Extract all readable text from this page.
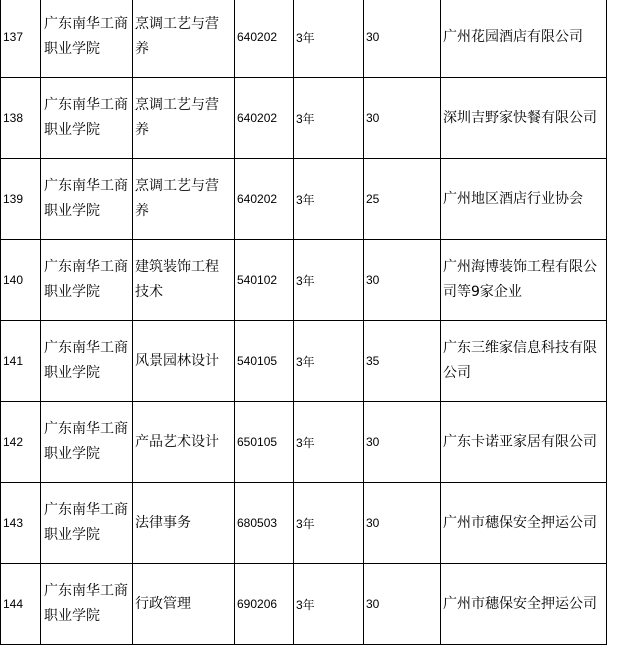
137	广东南华工商职业学院	烹调工艺与营养	640202	3年	30	广州花园酒店有限公司
138	广东南华工商职业学院	烹调工艺与营养	640202	3年	30	深圳吉野家快餐有限公司
139	广东南华工商职业学院	烹调工艺与营养	640202	3年	25	广州地区酒店行业协会
140	广东南华工商职业学院	建筑装饰工程技术	540102	3年	30	广州海博装饰工程有限公司等9家企业
141	广东南华工商职业学院	风景园林设计	540105	3年	35	广东三维家信息科技有限公司
142	广东南华工商职业学院	产品艺术设计	650105	3年	30	广东卡诺亚家居有限公司
143	广东南华工商职业学院	法律事务	680503	3年	30	广州市穗保安全押运公司
144	广东南华工商职业学院	行政管理	690206	3年	30	广州市穗保安全押运公司
